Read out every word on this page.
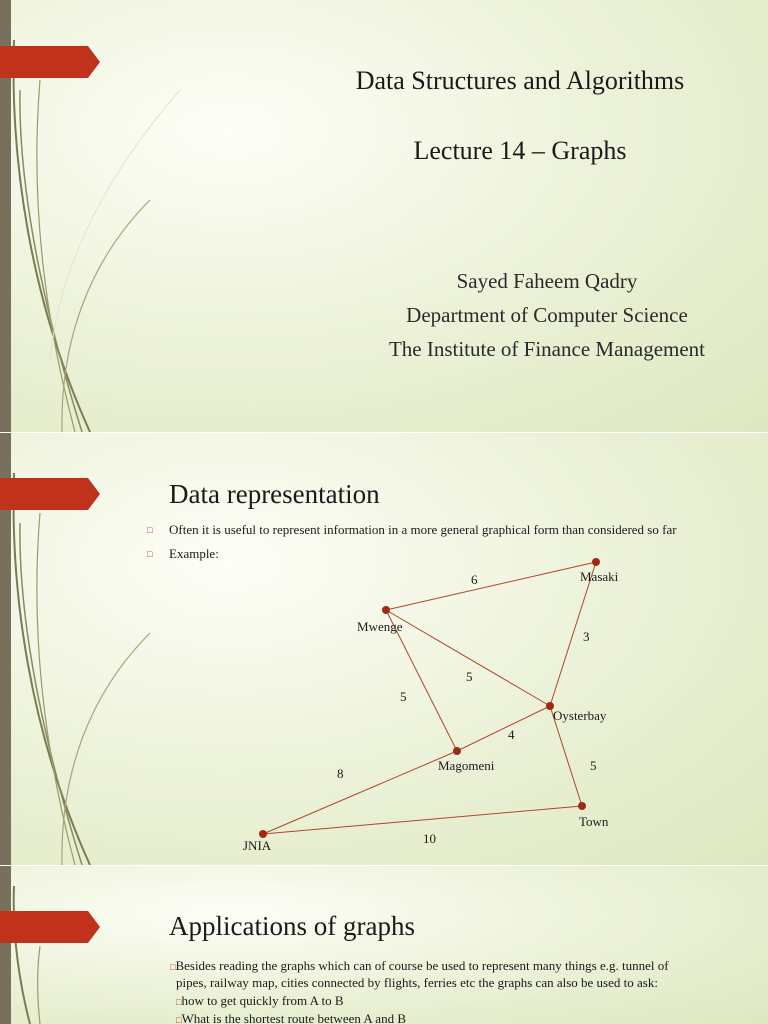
Data Structures and Algorithms
Lecture 14 – Graphs
Sayed Faheem Qadry
Department of Computer Science
The Institute of Finance Management
Data representation
□ Often it is useful to represent information in a more general graphical form than considered so far
□ Example:
Masaki
Mwenge
Oysterbay
Magomeni
Town
JNIA
6
3
5
5
4
5
8
10
Applications of graphs
□Besides reading the graphs which can of course be used to represent many things e.g. tunnel of
pipes, railway map, cities connected by flights, ferries etc the graphs can also be used to ask:
□how to get quickly from A to B
□What is the shortest route between A and B
